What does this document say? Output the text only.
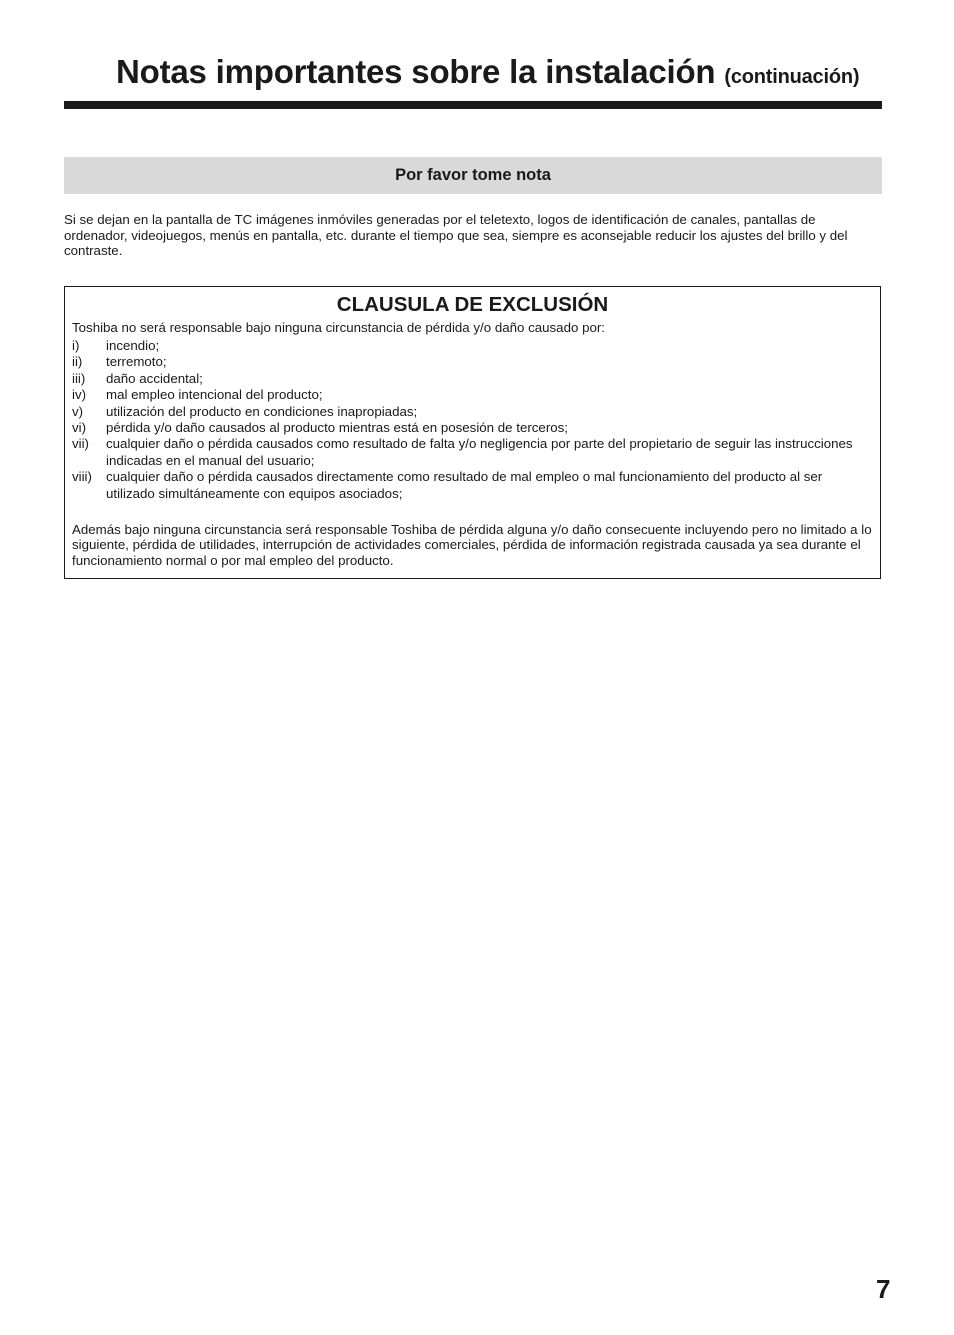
Notas importantes sobre la instalación (continuación)
Por favor tome nota

Si se dejan en la pantalla de TC imágenes inmóviles generadas por el teletexto, logos de identificación de canales, pantallas de ordenador, videojuegos, menús en pantalla, etc. durante el tiempo que sea, siempre es aconsejable reducir los ajustes del brillo y del contraste.

CLAUSULA DE EXCLUSIÓN

Toshiba no será responsable bajo ninguna circunstancia de pérdida y/o daño causado por:

i)	incendio;
ii)	terremoto;
iii)	daño accidental;
iv)	mal empleo intencional del producto;
v)	utilización del producto en condiciones inapropiadas;
vi)	pérdida y/o daño causados al producto mientras está en posesión de terceros;
vii)	cualquier daño o pérdida causados como resultado de falta y/o negligencia por parte del propietario de seguir las instrucciones indicadas en el manual del usuario;
viii)	cualquier daño o pérdida causados directamente como resultado de mal empleo o mal funcionamiento del producto al ser utilizado simultáneamente con equipos asociados;

Además bajo ninguna circunstancia será responsable Toshiba de pérdida alguna y/o daño consecuente incluyendo pero no limitado a lo siguiente, pérdida de utilidades, interrupción de actividades comerciales, pérdida de información registrada causada ya sea durante el funcionamiento normal o por mal empleo del producto.

7
